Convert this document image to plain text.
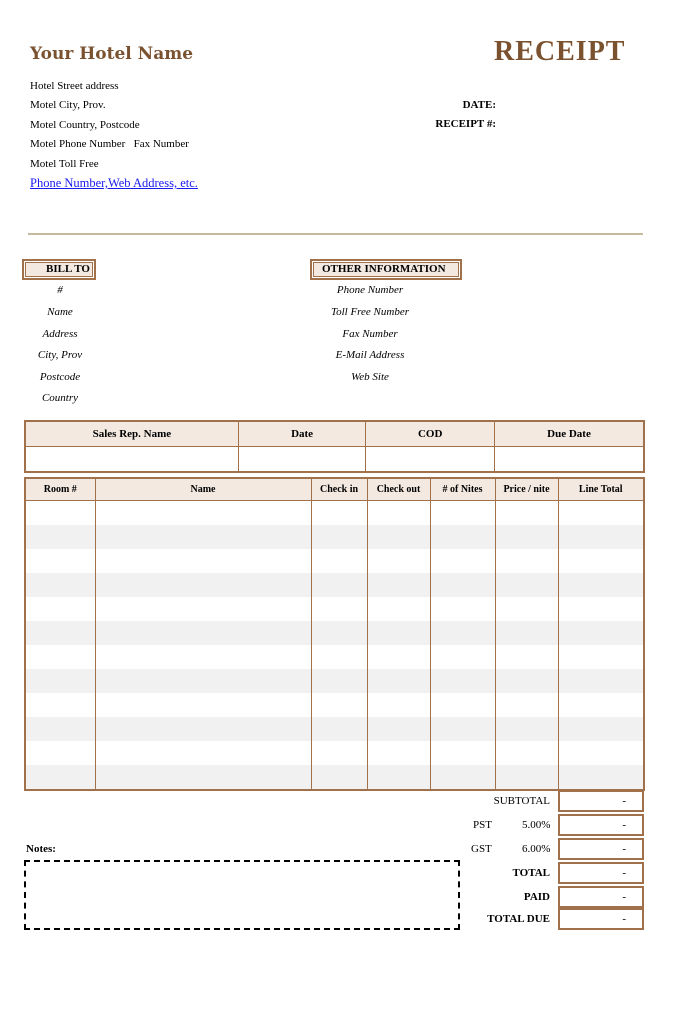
Your Hotel Name	RECEIPT
Hotel Street address
Motel City, Prov.
Motel Country, Postcode
Motel Phone Number   Fax Number
Motel Toll Free
Phone Number,Web Address, etc.
DATE:
RECEIPT #:
BILL TO
#
Name
Address
City, Prov
Postcode
Country
OTHER INFORMATION
Phone Number
Toll Free Number
Fax Number
E-Mail Address
Web Site
Sales Rep. Name	Date	COD	Due Date

Room #	Name	Check in	Check out	# of Nites	Price / nite	Line Total

SUBTOTAL	-
PST	5.00%	-
GST	6.00%	-
TOTAL	-
PAID	-
TOTAL DUE	-
Notes:
